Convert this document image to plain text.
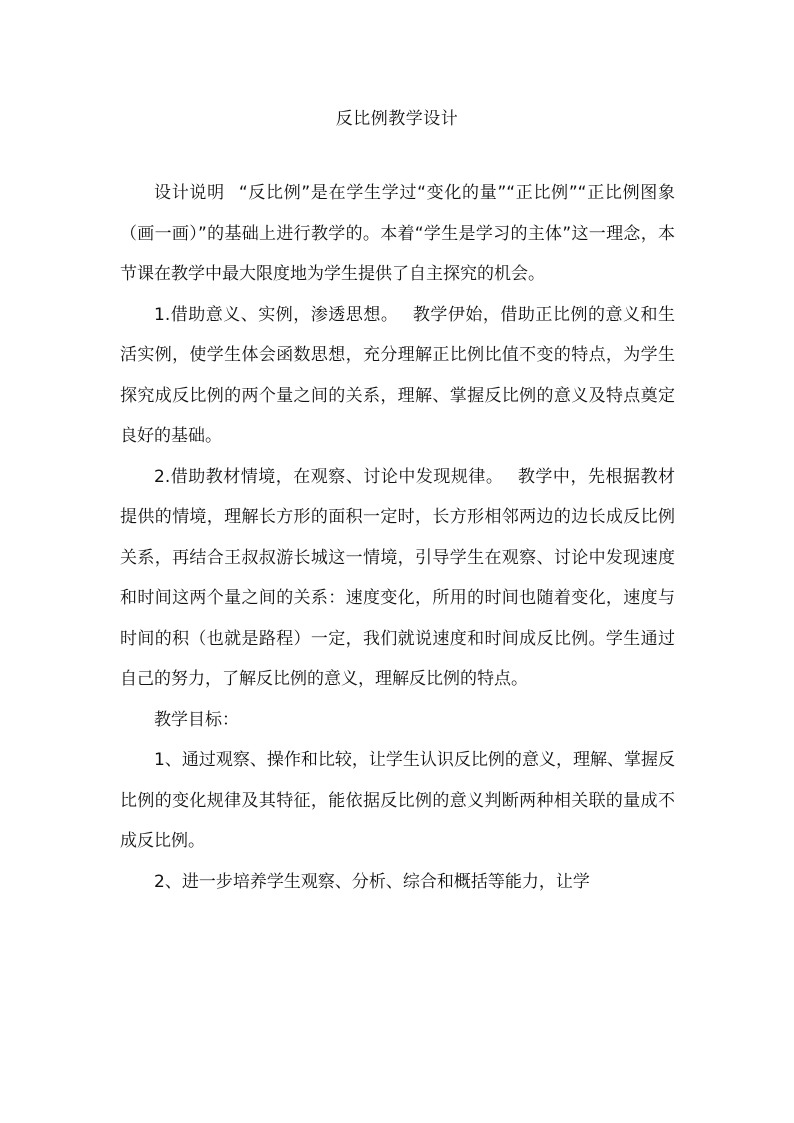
反比例教学设计

设计说明 “反比例”是在学生学过“变化的量”“正比例”“正比例图象（画一画）”的基础上进行教学的。本着“学生是学习的主体”这一理念，本节课在教学中最大限度地为学生提供了自主探究的机会。

1.借助意义、实例，渗透思想。 教学伊始，借助正比例的意义和生活实例，使学生体会函数思想，充分理解正比例比值不变的特点，为学生探究成反比例的两个量之间的关系，理解、掌握反比例的意义及特点奠定良好的基础。

2.借助教材情境，在观察、讨论中发现规律。 教学中，先根据教材提供的情境，理解长方形的面积一定时，长方形相邻两边的边长成反比例关系，再结合王叔叔游长城这一情境，引导学生在观察、讨论中发现速度和时间这两个量之间的关系：速度变化，所用的时间也随着变化，速度与时间的积（也就是路程）一定，我们就说速度和时间成反比例。学生通过自己的努力，了解反比例的意义，理解反比例的特点。

教学目标：

1、通过观察、操作和比较，让学生认识反比例的意义，理解、掌握反比例的变化规律及其特征，能依据反比例的意义判断两种相关联的量成不成反比例。

2、进一步培养学生观察、分析、综合和概括等能力，让学
